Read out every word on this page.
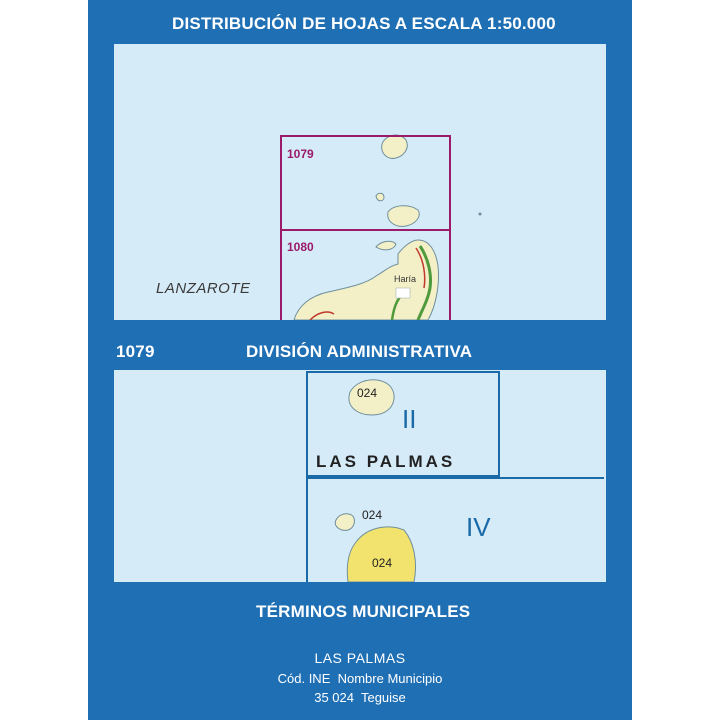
DISTRIBUCIÓN DE HOJAS A ESCALA 1:50.000
1079
1080
LANZAROTE
Haría
1079	DIVISIÓN ADMINISTRATIVA
024
II
LAS PALMAS
024	IV
024
TÉRMINOS MUNICIPALES
LAS PALMAS
Cód. INE  Nombre Municipio
35 024  Teguise
